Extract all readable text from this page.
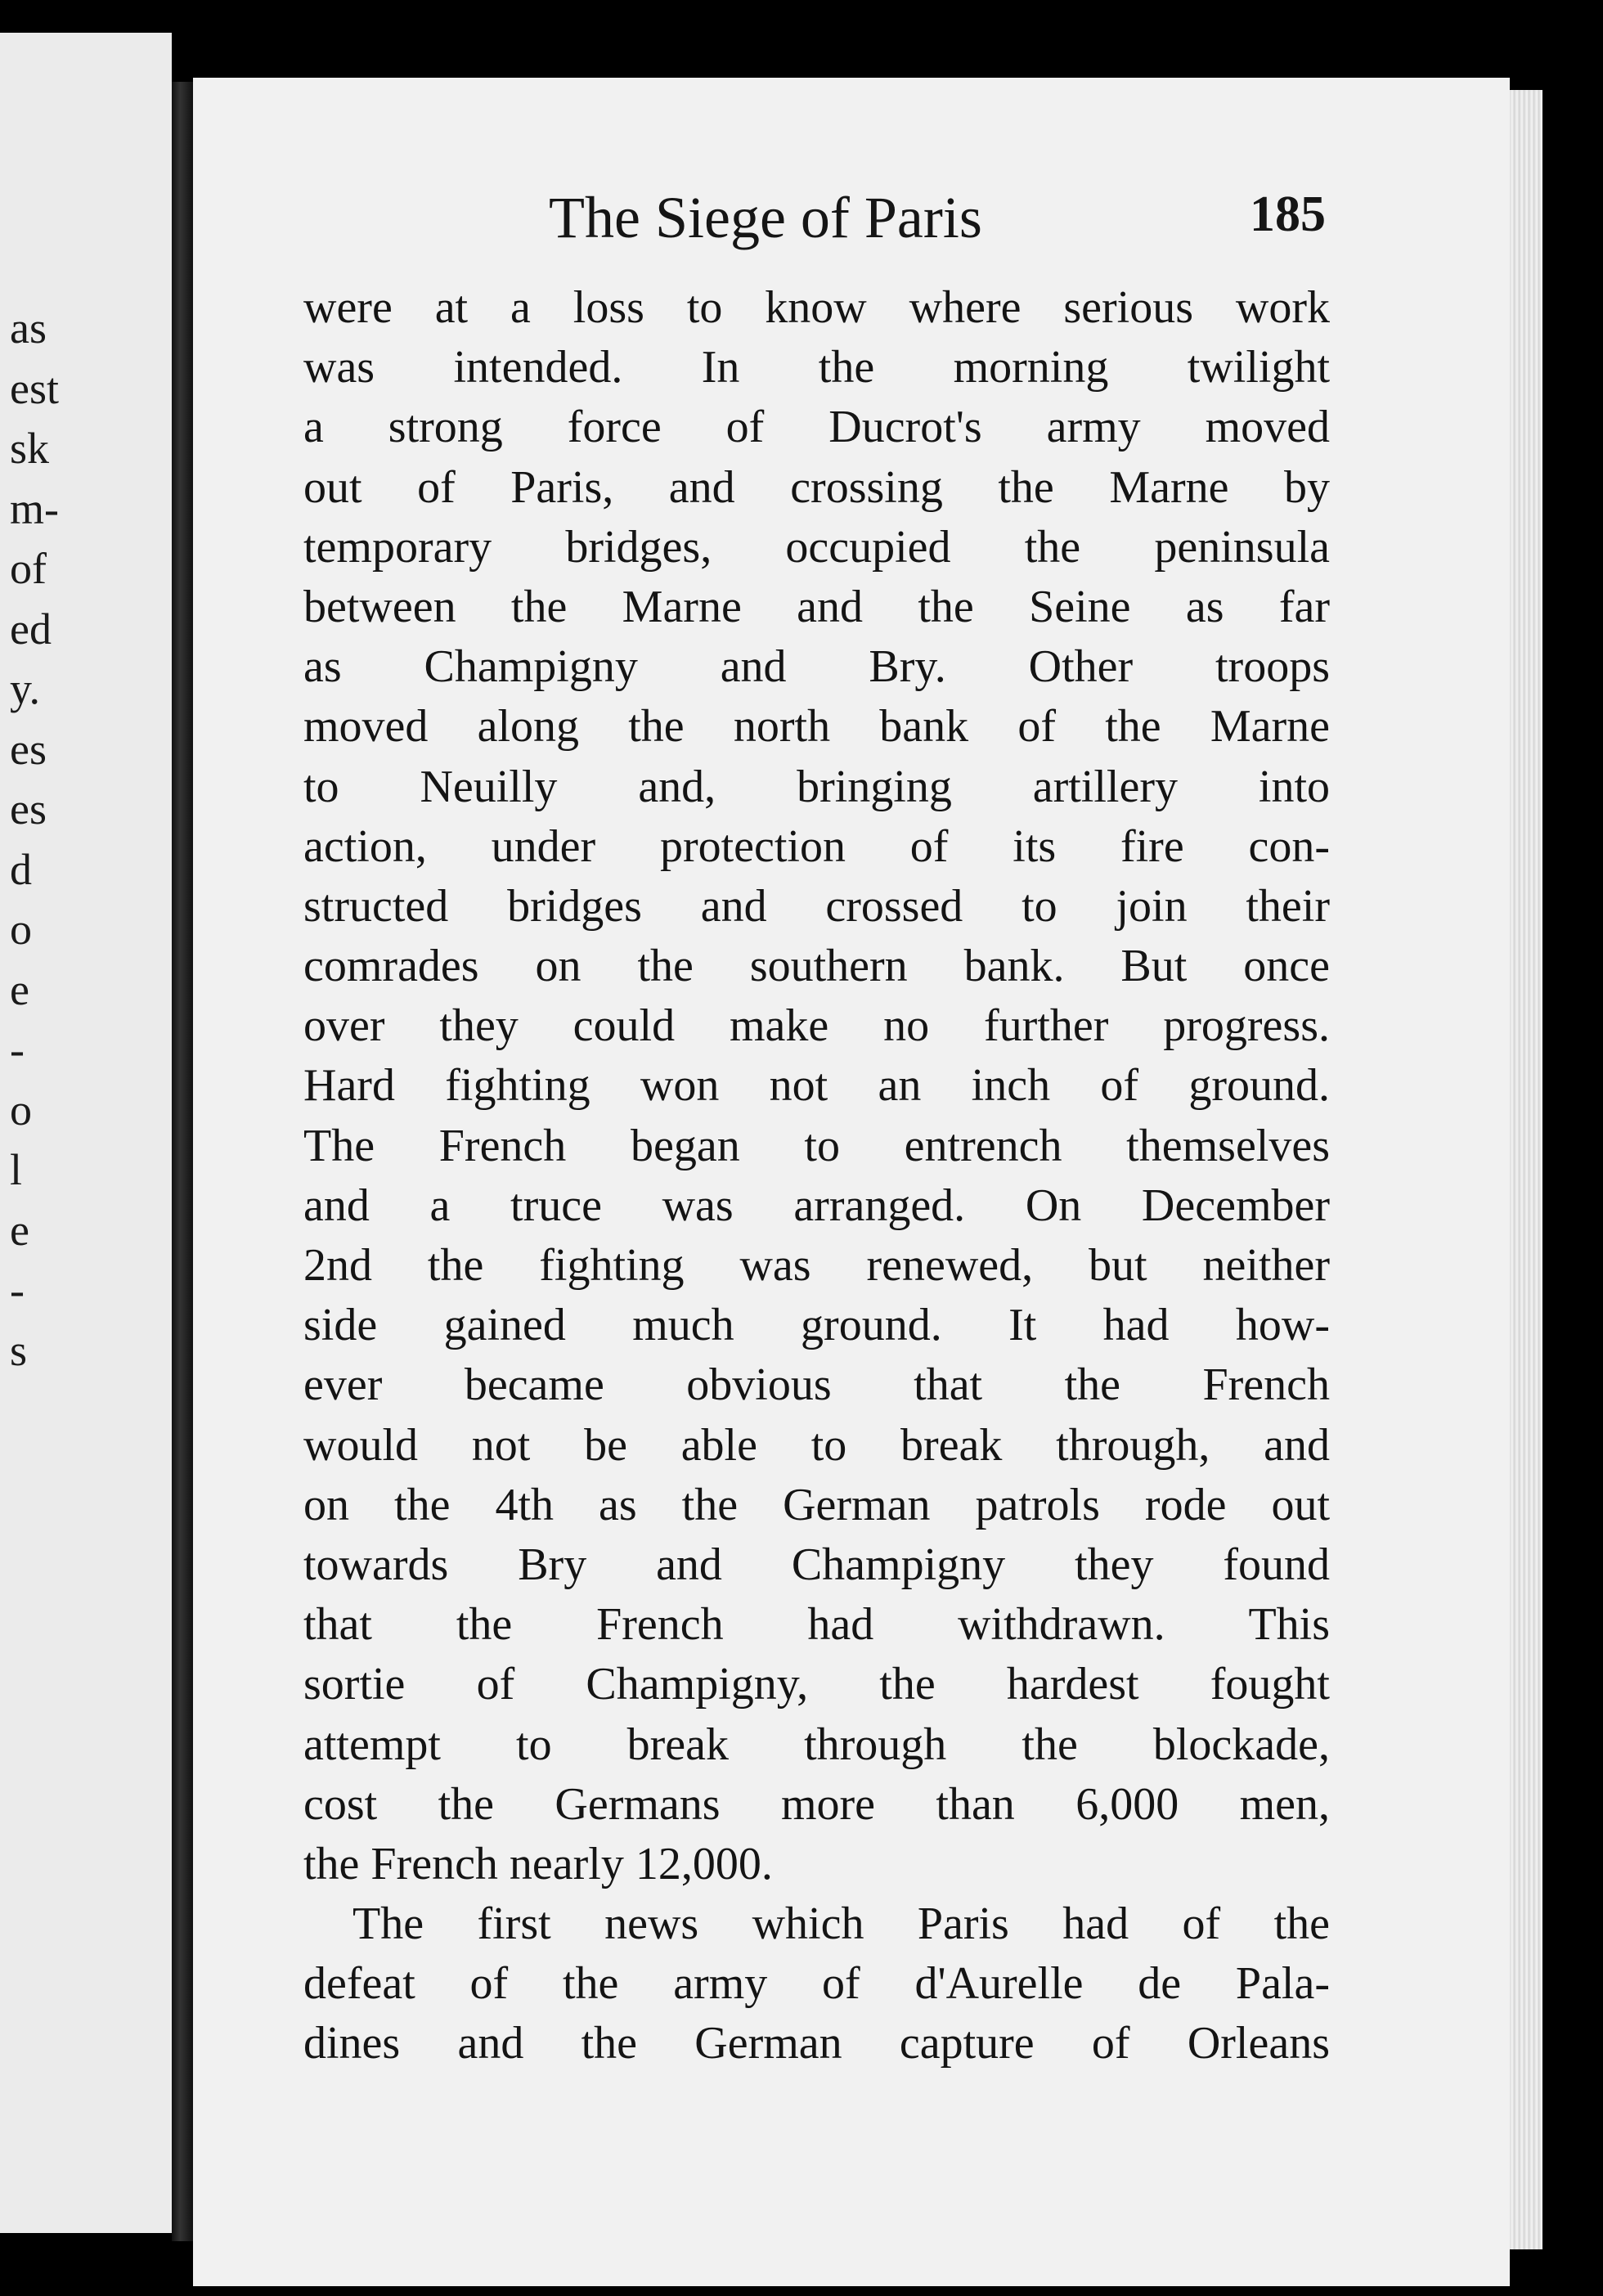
as
est
sk
m-
of
ed
y.
es
es
d
o
e
-
o
l
e
-
s
The Siege of Paris	185
were at a loss to know where serious work
was intended. In the morning twilight
a strong force of Ducrot's army moved
out of Paris, and crossing the Marne by
temporary bridges, occupied the peninsula
between the Marne and the Seine as far
as Champigny and Bry. Other troops
moved along the north bank of the Marne
to Neuilly and, bringing artillery into
action, under protection of its fire con-
structed bridges and crossed to join their
comrades on the southern bank. But once
over they could make no further progress.
Hard fighting won not an inch of ground.
The French began to entrench themselves
and a truce was arranged. On December
2nd the fighting was renewed, but neither
side gained much ground. It had how-
ever became obvious that the French
would not be able to break through, and
on the 4th as the German patrols rode out
towards Bry and Champigny they found
that the French had withdrawn. This
sortie of Champigny, the hardest fought
attempt to break through the blockade,
cost the Germans more than 6,000 men,
the French nearly 12,000.
The first news which Paris had of the
defeat of the army of d'Aurelle de Pala-
dines and the German capture of Orleans
